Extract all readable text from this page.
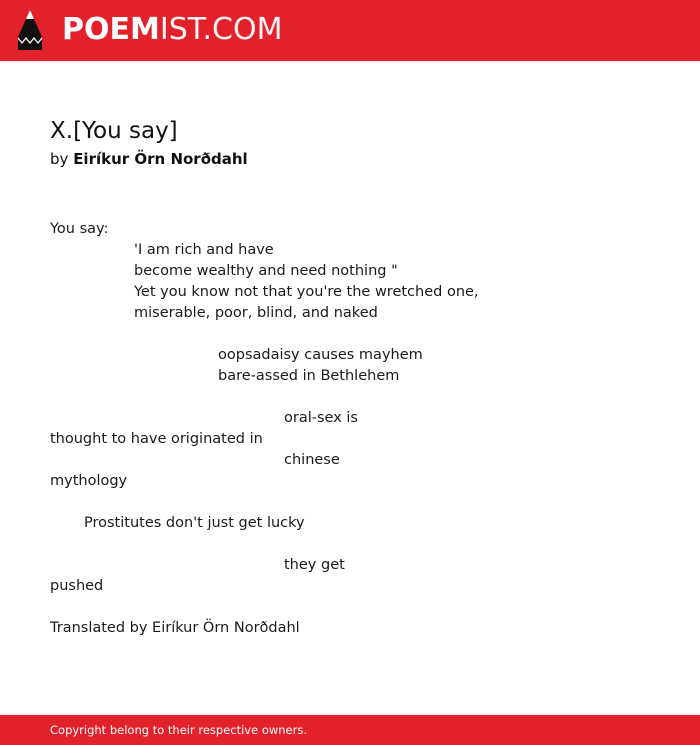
POEMIST.COM
X.[You say]
by Eiríkur Örn Norðdahl
You say:
'I am rich and have
become wealthy and need nothing "
Yet you know not that you're the wretched one,
miserable, poor, blind, and naked
oopsadaisy causes mayhem
bare-assed in Bethlehem
oral-sex is
thought to have originated in
chinese
mythology
Prostitutes don't just get lucky
they get
pushed
Translated by Eiríkur Örn Norðdahl
Copyright belong to their respective owners.
